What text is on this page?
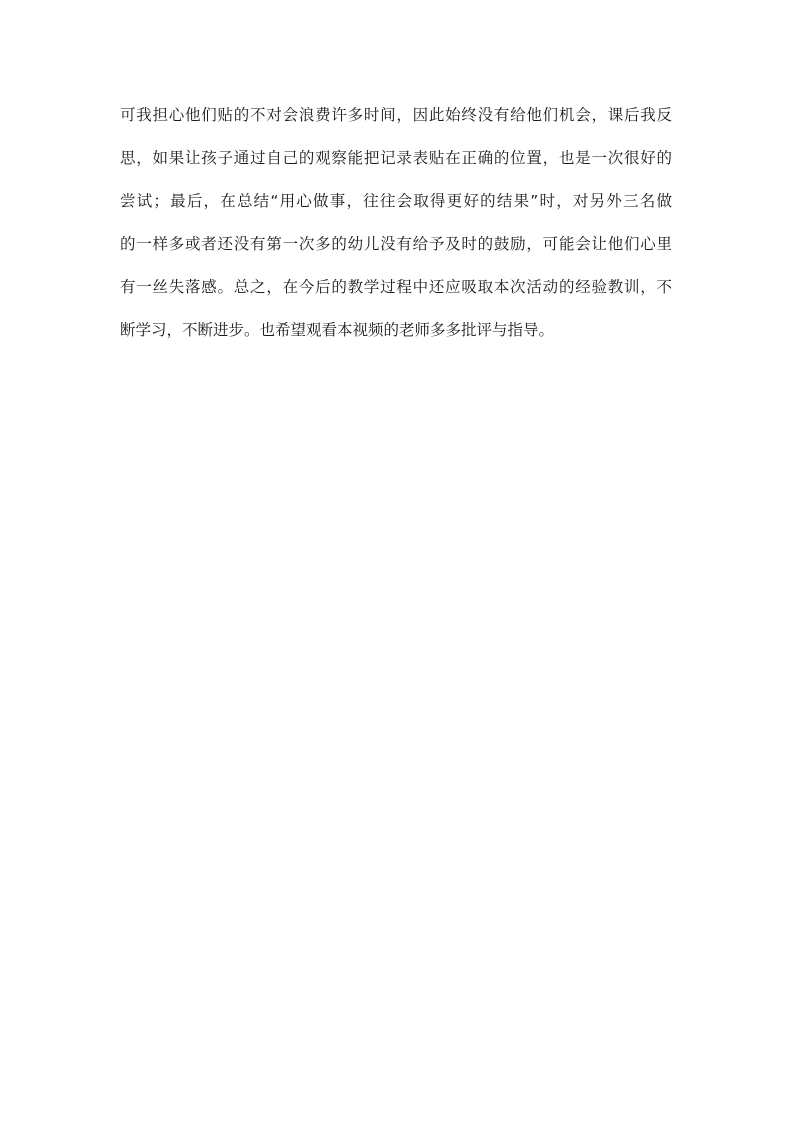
可我担心他们贴的不对会浪费许多时间，因此始终没有给他们机会，课后我反
思，如果让孩子通过自己的观察能把记录表贴在正确的位置，也是一次很好的
尝试；最后，在总结“用心做事，往往会取得更好的结果”时，对另外三名做
的一样多或者还没有第一次多的幼儿没有给予及时的鼓励，可能会让他们心里
有一丝失落感。总之，在今后的教学过程中还应吸取本次活动的经验教训，不
断学习，不断进步。也希望观看本视频的老师多多批评与指导。
